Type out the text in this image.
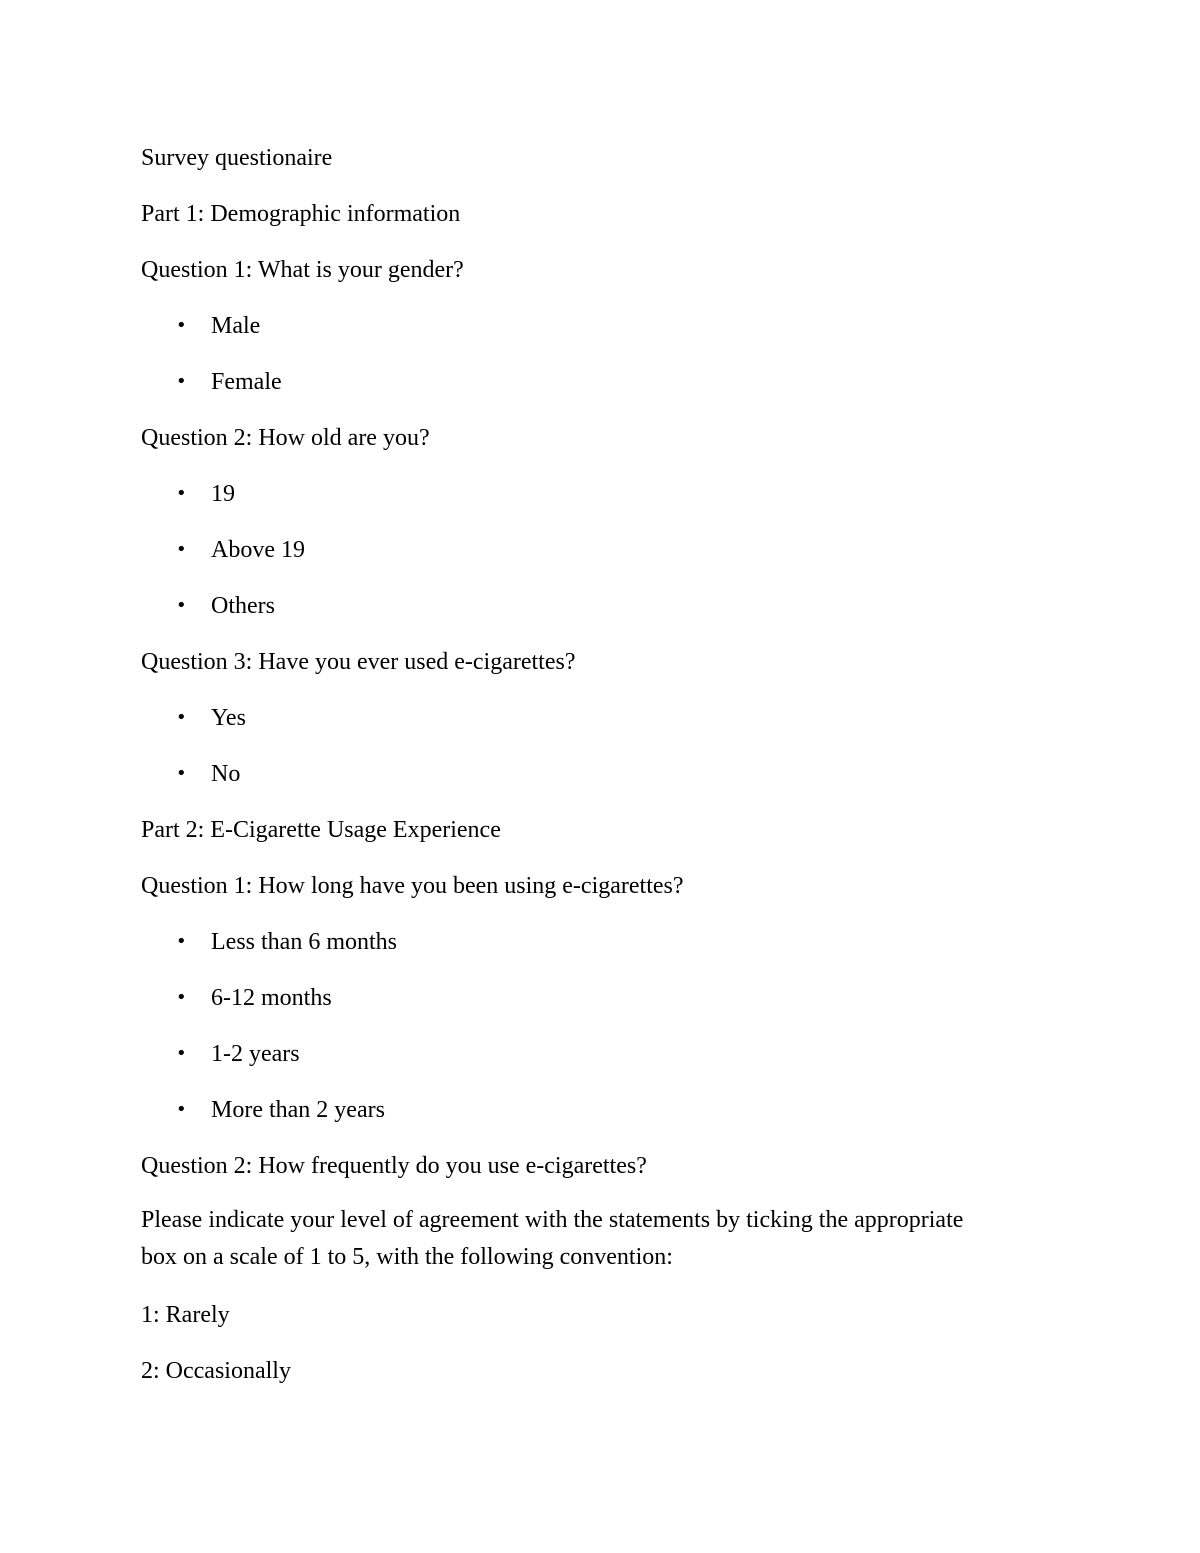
Survey questionaire
Part 1: Demographic information
Question 1: What is your gender?
•	Male
•	Female
Question 2: How old are you?
•	19
•	Above 19
•	Others
Question 3: Have you ever used e-cigarettes?
•	Yes
•	No
Part 2: E-Cigarette Usage Experience
Question 1: How long have you been using e-cigarettes?
•	Less than 6 months
•	6-12 months
•	1-2 years
•	More than 2 years
Question 2: How frequently do you use e-cigarettes?
Please indicate your level of agreement with the statements by ticking the appropriate box on a scale of 1 to 5, with the following convention:
1: Rarely
2: Occasionally
